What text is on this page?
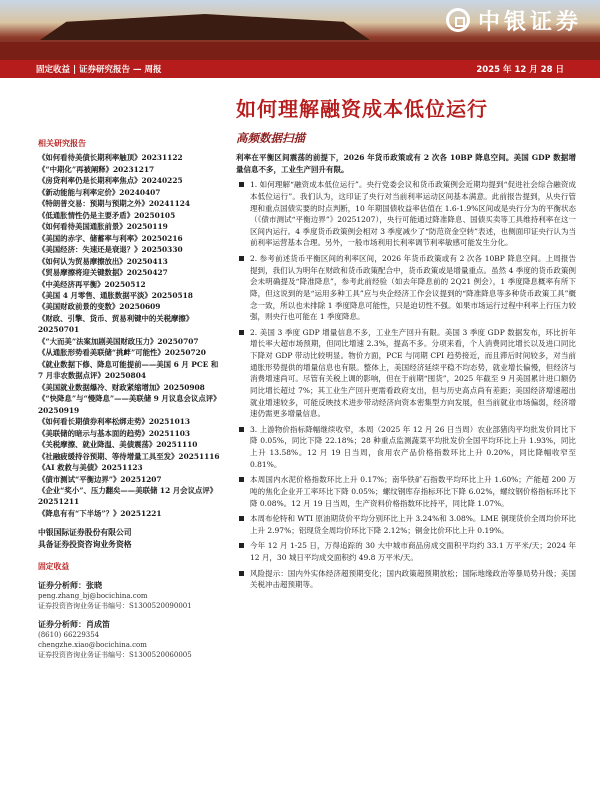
中银证券
固定收益 | 证券研究报告 — 周报	2025 年 12 月 28 日
如何理解融资成本低位运行
高频数据扫描
相关研究报告
《如何看待美债长期利率触顶》20231122
《“中期化”再被阐释》20231217
《房贷利率仍是长期利率焦点》20240225
《新动能能与利率定价》20240407
《特朗普交易：预期与预期之外》20241124
《低通胀情性仍是主要矛盾》20250105
《如何看待美国通胀前景》20250119
《美国的赤字、储蓄率与利率》20250216
《美国经济：失速还是衰退？》20250330
《如何认为贸易摩擦放出》20250413
《贸易摩擦将迎关键数据》20250427
《中美经济再平衡》20250512
《美国 4 月零售、通胀数据平淡》20250518
《美国财政前景的变数》20250609
《财政、引擎、货币、贸易利键中的关税摩擦》20250701
《“大而美”法案加剧美国财政压力》20250707
《从通胀形势看美联储“挑衅”可能性》20250720
《就业数据下修、降息可能提前——美国 6 月 PCE 和 7 月非农数据点评》20250804
《美国就业数据爆冷、财政紧缩增加》20250908
《“快降息”与“慢降息”——美联储 9 月议息会议点评》20250919
《如何看长期债券利率松绑走势》20251013
《美联储的暗示与基本面的趋势》20251103
《关税摩擦、就业降温、美债震荡》20251110
《社融疲缓持谷预期、等待增量工具至发》20251116
《AI 救救与美债》20251123
《债市测试“平衡边界”》20251207
《企业“奖小”、压力翻矣——美联储 12 月会议点评》20251211
《降息有有“下半场”？》20251221
中银国际证券股份有限公司
具备证券投资咨询业务资格
固定收益
证券分析师：张晓
peng.zhang_bj@bocichina.com
证券投资咨询业务证书编号：S1300520090001
证券分析师：肖成笛
(8610) 66229354
chengzhe.xiao@bocichina.com
证券投资咨询业务证书编号：S1300520060005
利率在平衡区间震荡的前提下，2026 年货币政策或有 2 次各 10BP 降息空间。美国 GDP 数据增量信息不多，工业生产回升有限。
1. 如何理解“融资成本低位运行”。央行党委会议和货币政策例会近期均提到“促进社会综合融资成本低位运行”。我们认为，这印证了央行对当前利率运动区间基本满意。此前报告提到，从央行管理和重点国债实要的时点判断，10 年期国债收益率估值在 1.6-1.9%区间或是央行分为的平衡状态（《债市测试“平衡边界”》20251207），央行可能通过降准降息、国债买卖等工具维持利率在这一区间内运行。4 季度货币政策例会相对 3 季度减少了“防范资金空转”表述，也侧面印证央行认为当前利率运营基本合理。另外，一般市场利用长利率调节利率敏感可能发生分化。
2. 参考前述货币平衡区间的利率区间，2026 年货币政策或有 2 次各 10BP 降息空间。上周报告提到，我们认为明年在财政和货币政策配合中，货币政策或是增量重点。虽然 4 季度的货币政策例会未明确提及“降准降息”，参考此前经验（如去年降息前的 2Q21 例会），1 季度降息概率有所下降，但这说到的是“运用多种工具”应与央企经济工作会议提到的“降准降息等多种货币政策工具”概念一致，所以也未排除 1 季度降息可能性，只是迫切性不强。如果市场运行过程中利率上行压力较强，则央行也可能在 1 季度降息。
2. 美国 3 季度 GDP 增量信息不多，工业生产回升有限。美国 3 季度 GDP 数据发布，环比折年增长率大超市场预期，但同比增速 2.3%，提高不多。分项来看，个人消费同比增长以及进口同比下降对 GDP 带动比较明显。物价方面，PCE 与同期 CPI 趋势接近，而且滞后时间较多，对当前通胀形势提供的增量信息也有限。整体上，美国经济延续平稳不均态势，就业增长偏慢，但经济与消费增速尚可。尽管有关税上调的影响，但在于前期“囤货”，2025 年截至 9 月美国累计进口额仍同比增长超过 7%；其工业生产回升更需看政府支出，但与历史高点尚有差距；美国经济增速超出就业增速较多，可能反映技术进步带动经济向资本密集型方向发展，但当前就业市场偏弱，经济增速仍需更多增量信息。
3. 上游物价指标降幅继续收窄，本周（2025 年 12 月 26 日当周）农业部猪肉平均批发价同比下降 0.05%，同比下降 22.18%；28 种重点监测蔬菜平均批发价全国平均环比上升 1.93%，同比上升 13.58%。12 月 19 日当周，食用农产品价格指数环比上升 0.20%，同比降幅收窄至 0.81%。
本周国内水泥价格指数环比上升 0.17%；南华铁矿石指数平均环比上升 1.60%；产能超 200 万吨的焦化企业开工率环比下降 0.05%；螺纹钢库存指标环比下降 6.02%，螺纹钢价格指标环比下降 0.08%。12 月 19 日当周，生产资料价格指数环比持平，同比降 1.07%。
本周布伦特和 WTI 原油期货价平均分别环比上升 3.24%和 3.08%。LME 铜现货价全周均价环比上升 2.97%；铝现货全周均价环比下降 2.12%；铜金比价环比上升 0.19%。
今年 12 月 1-25 日，万得追踪的 30 大中城市商品房成交面积平均约 33.1 万平米/天；2024 年 12 月，30 城日平均成交面积约 49.8 万平米/天。
风险提示：国内外实体经济超预期变化；国内政策超预期放松；国际地缘政治等暴局势升级；美国关税冲击超预期等。
